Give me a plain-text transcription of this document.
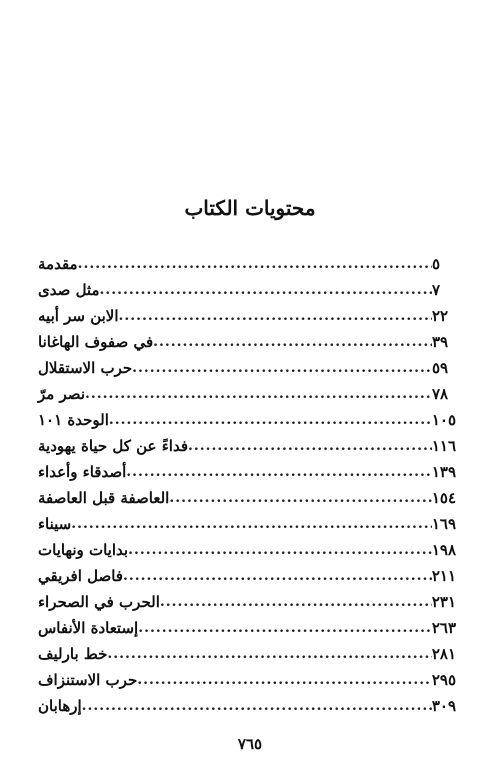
محتويات الكتاب
مقدمة .....	٥
مثل صدى .....	٧
الابن سر أبيه .....	٢٢
في صفوف الهاغانا .....	٣٩
حرب الاستقلال .....	٥٩
نصر مرّ .....	٧٨
الوحدة ١٠١ .....	١٠٥
فداءً عن كل حياة يهودية .....	١١٦
أصدقاء وأعداء .....	١٣٩
العاصفة قبل العاصفة .....	١٥٤
سيناء .....	١٦٩
بدايات ونهايات .....	١٩٨
فاصل افريقي .....	٢١١
الحرب في الصحراء .....	٢٣١
إستعادة الأنفاس .....	٢٦٣
خط بارليف .....	٢٨١
حرب الاستنزاف .....	٢٩٥
إرهابان .....	٣٠٩
٧٦٥
